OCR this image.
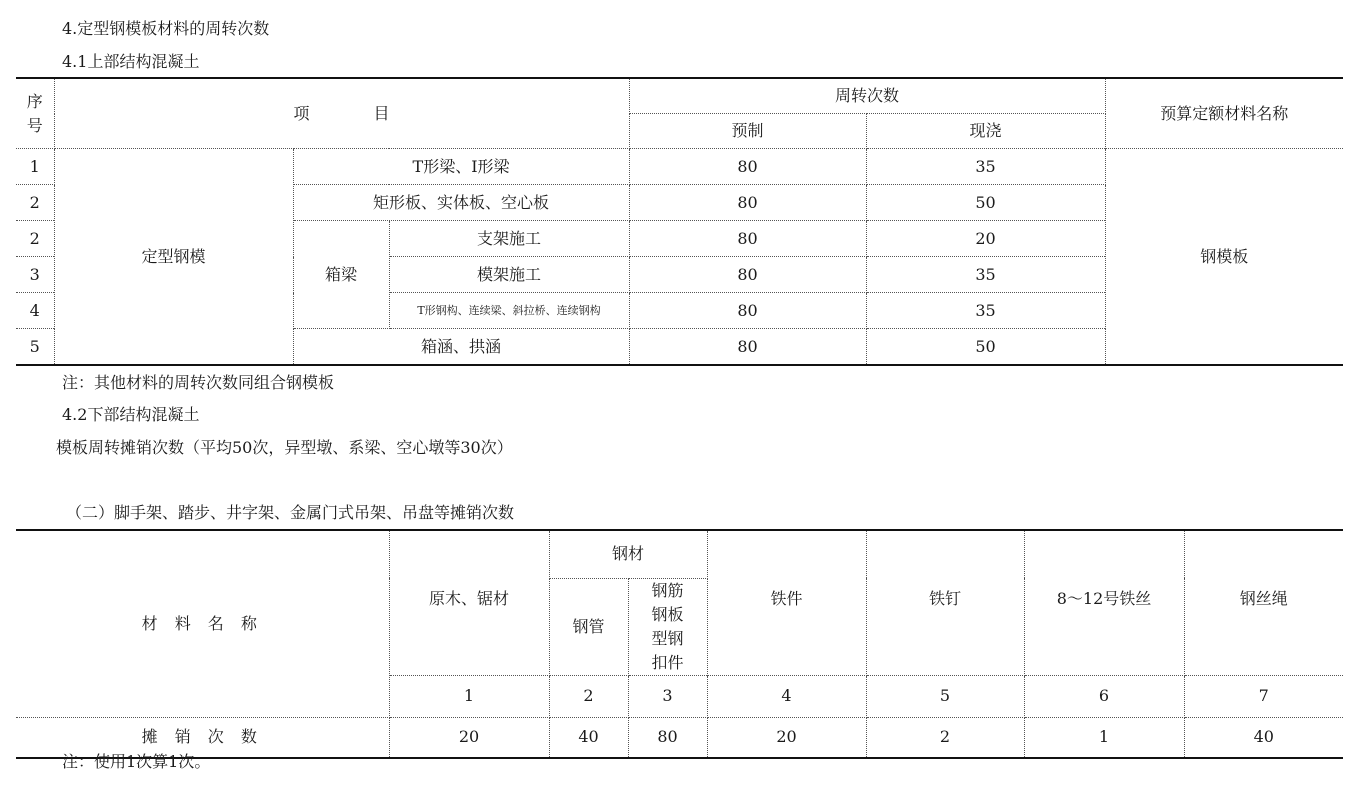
4.定型钢模板材料的周转次数
4.1上部结构混凝土
序号	项　　　　目			周转次数		预算定额材料名称
				预制	现浇	
1	定型钢模	T形梁、I形梁		80	35	钢模板
2		矩形板、实体板、空心板		80	50	
2		箱梁	支架施工	80	20	
3			模架施工	80	35	
4			T形钢构、连续梁、斜拉桥、连续钢构	80	35	
5		箱涵、拱涵		80	50	
注：其他材料的周转次数同组合钢模板
4.2下部结构混凝土
模板周转摊销次数（平均50次，异型墩、系梁、空心墩等30次）
（二）脚手架、踏步、井字架、金属门式吊架、吊盘等摊销次数
材 料 名 称	原木、锯材	钢材		铁件	铁钉	8～12号铁丝	钢丝绳
		钢管	钢筋钢板型钢扣件				

	1	2	3	4	5	6	7
摊 销 次 数	20	40	80	20	2	1	40
注：使用1次算1次。
